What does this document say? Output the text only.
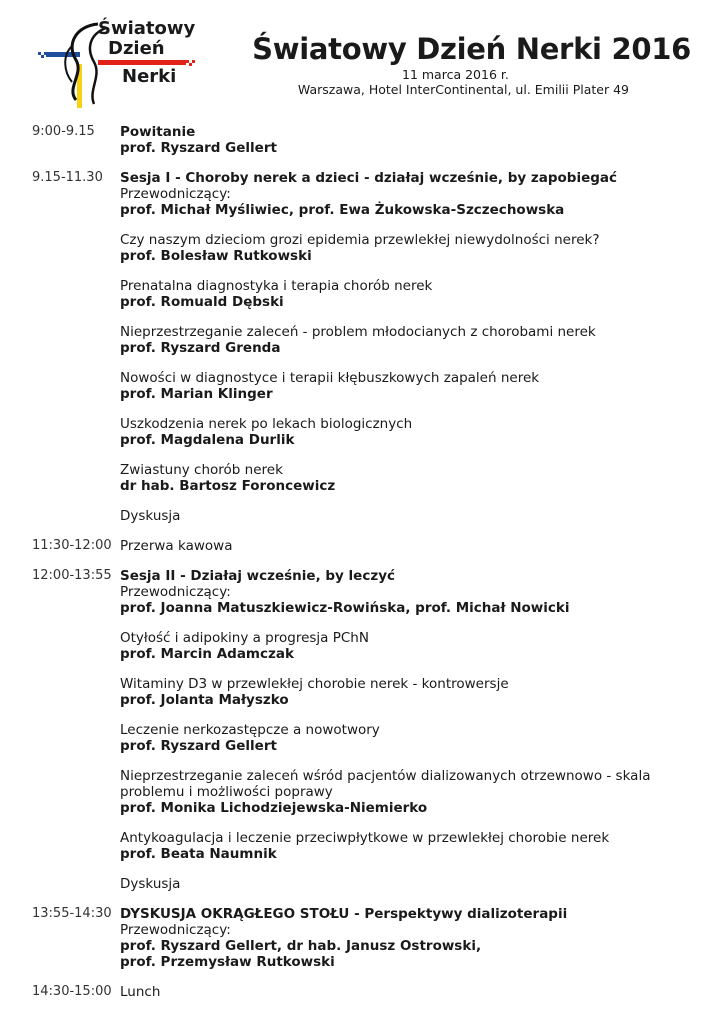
Światowy
Dzień
Nerki
Światowy Dzień Nerki 2016
11 marca 2016 r.
Warszawa, Hotel InterContinental, ul. Emilii Plater 49
9:00-9.15	Powitanie
prof. Ryszard Gellert
9.15-11.30	Sesja I - Choroby nerek a dzieci - działaj wcześnie, by zapobiegać
Przewodniczący:
prof. Michał Myśliwiec, prof. Ewa Żukowska-Szczechowska
Czy naszym dzieciom grozi epidemia przewlekłej niewydolności nerek?
prof. Bolesław Rutkowski
Prenatalna diagnostyka i terapia chorób nerek
prof. Romuald Dębski
Nieprzestrzeganie zaleceń - problem młodocianych z chorobami nerek
prof. Ryszard Grenda
Nowości w diagnostyce i terapii kłębuszkowych zapaleń nerek
prof. Marian Klinger
Uszkodzenia nerek po lekach biologicznych
prof. Magdalena Durlik
Zwiastuny chorób nerek
dr hab. Bartosz Foroncewicz
Dyskusja
11:30-12:00 Przerwa kawowa
12:00-13:55 Sesja II - Działaj wcześnie, by leczyć
Przewodniczący:
prof. Joanna Matuszkiewicz-Rowińska, prof. Michał Nowicki
Otyłość i adipokiny a progresja PChN
prof. Marcin Adamczak
Witaminy D3 w przewlekłej chorobie nerek - kontrowersje
prof. Jolanta Małyszko
Leczenie nerkozastępcze a nowotwory
prof. Ryszard Gellert
Nieprzestrzeganie zaleceń wśród pacjentów dializowanych otrzewnowo - skala
problemu i możliwości poprawy
prof. Monika Lichodziejewska-Niemierko
Antykoagulacja i leczenie przeciwpłytkowe w przewlekłej chorobie nerek
prof. Beata Naumnik
Dyskusja
13:55-14:30 DYSKUSJA OKRĄGŁEGO STOŁU - Perspektywy dializoterapii
Przewodniczący:
prof. Ryszard Gellert, dr hab. Janusz Ostrowski,
prof. Przemysław Rutkowski
14:30-15:00 Lunch
